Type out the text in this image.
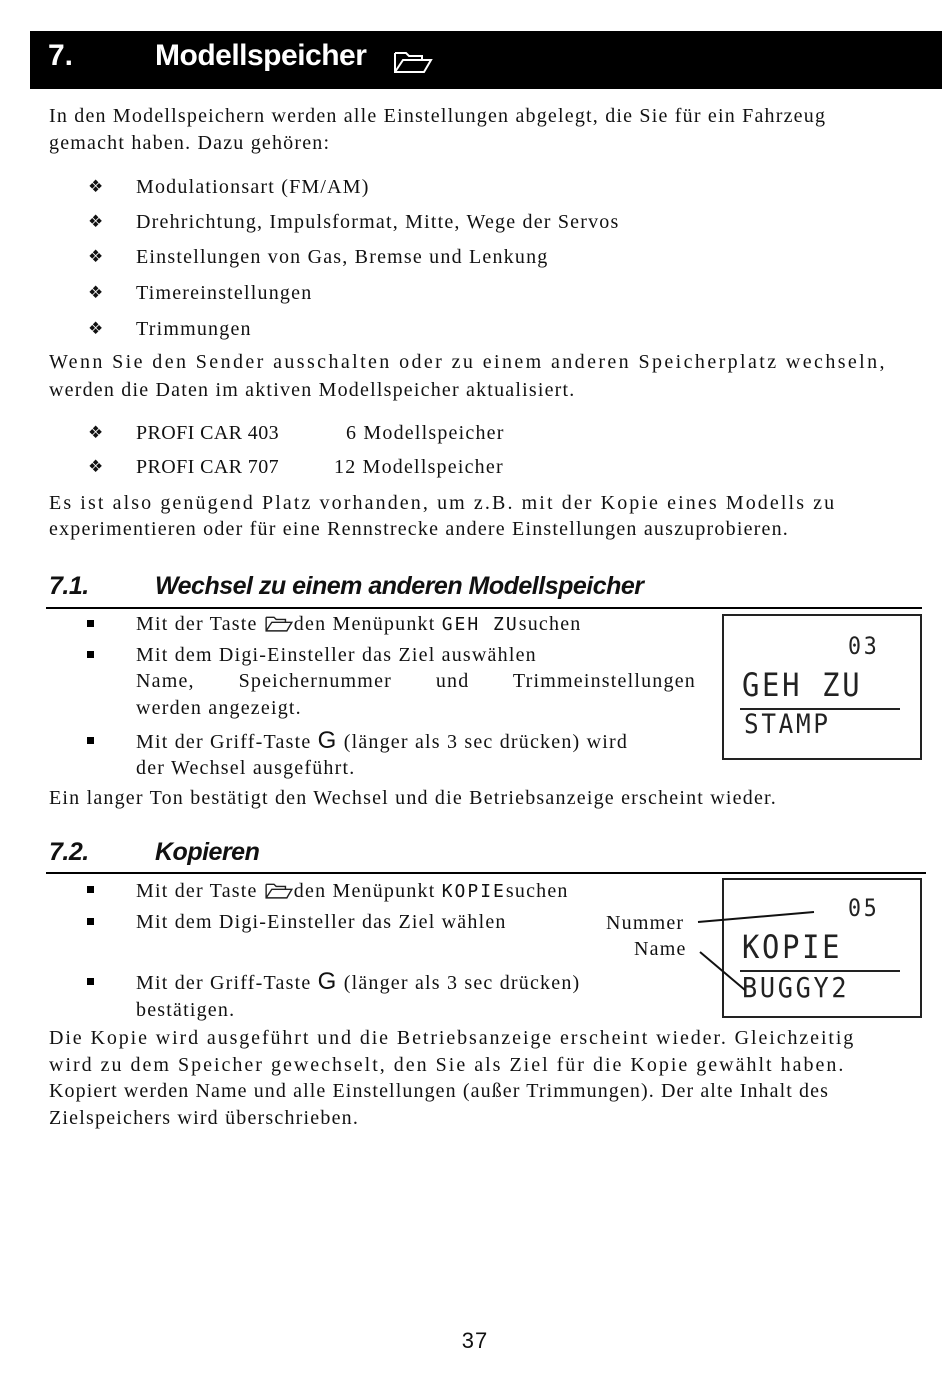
7.	Modellspeicher
In den Modellspeichern werden alle Einstellungen abgelegt, die Sie für ein Fahrzeug
gemacht haben. Dazu gehören:
❖ Modulationsart (FM/AM)
❖ Drehrichtung, Impulsformat, Mitte, Wege der Servos
❖ Einstellungen von Gas, Bremse und Lenkung
❖ Timereinstellungen
❖ Trimmungen
Wenn Sie den Sender ausschalten oder zu einem anderen Speicherplatz wechseln,
werden die Daten im aktiven Modellspeicher aktualisiert.
❖ PROFI CAR 403	6 Modellspeicher
❖ PROFI CAR 707	12 Modellspeicher
Es ist also genügend Platz vorhanden, um z.B. mit der Kopie eines Modells zu
experimentieren oder für eine Rennstrecke andere Einstellungen auszuprobieren.
7.1.	Wechsel zu einem anderen Modellspeicher
Mit der Taste den Menüpunkt GEH ZUsuchen
Mit dem Digi-Einsteller das Ziel auswählen
Name, Speichernummer und Trimmeinstellungen
werden angezeigt.
Mit der Griff-Taste G (länger als 3 sec drücken) wird
der Wechsel ausgeführt.
03
GEH ZU
STAMP
Ein langer Ton bestätigt den Wechsel und die Betriebsanzeige erscheint wieder.
7.2.	Kopieren
Mit der Taste den Menüpunkt KOPIEsuchen
Mit dem Digi-Einsteller das Ziel wählen	Nummer
Name
Mit der Griff-Taste G (länger als 3 sec drücken)
bestätigen.
05
KOPIE
BUGGY2
Die Kopie wird ausgeführt und die Betriebsanzeige erscheint wieder. Gleichzeitig
wird zu dem Speicher gewechselt, den Sie als Ziel für die Kopie gewählt haben.
Kopiert werden Name und alle Einstellungen (außer Trimmungen). Der alte Inhalt des
Zielspeichers wird überschrieben.
37
